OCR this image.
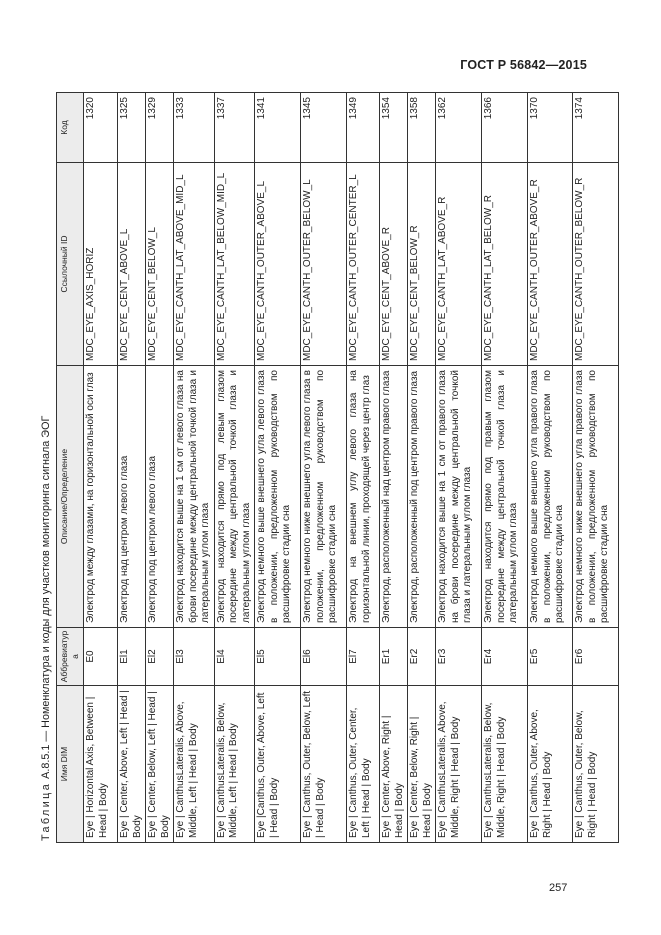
ГОСТ Р 56842—2015
Таблица А.8.5.1 — Номенклатура и коды для участков мониторинга сигнала ЭОГ Имя DIM	Аббревиатура	Описание/Определение	Ссылочный ID	Код
Eye | Horizontal Axis, Between | Head | Body	E0	Электрод между глазами, на горизонтальной оси глаз	MDC_EYE_AXIS_HORIZ	1320
Eye | Center, Above, Left | Head | Body	El1	Электрод над центром левого глаза	MDC_EYE_CENT_ABOVE_L	1325
Eye | Center, Below, Left | Head | Body	El2	Электрод под центром левого глаза	MDC_EYE_CENT_BELOW_L	1329
Eye | CanthusLateralis, Above, Middle, Left | Head | Body	El3	Электрод находится выше на 1 см от левого глаза на брови посередине между центральной точкой глаза и латеральным углом глаза	MDC_EYE_CANTH_LAT_ABOVE_MID_L	1333
Eye | CanthusLateralis, Below, Middle, Left | Head | Body	El4	Электрод находится прямо под левым глазом посередине между центральной точкой глаза и латеральным углом глаза	MDC_EYE_CANTH_LAT_BELOW_MID_L	1337
Eye |Canthus, Outer, Above, Left | Head | Body	El5	Электрод немного выше внешнего угла левого глаза в положении, предложенном руководством по расшифровке стадии сна	MDC_EYE_CANTH_OUTER_ABOVE_L	1341
Eye | Canthus, Outer, Below, Left | Head | Body	El6	Электрод немного ниже внешнего угла левого глаза в положении, предложенном руководством по расшифровке стадии сна	MDC_EYE_CANTH_OUTER_BELOW_L	1345
Eye | Canthus, Outer, Center, Left | Head | Body	El7	Электрод на внешнем углу левого глаза на горизонтальной линии, проходящей через центр глаз	MDC_EYE_CANTH_OUTER_CENTER_L	1349
Eye | Center, Above, Right | Head | Body	Er1	Электрод, расположенный над центром правого глаза	MDC_EYE_CENT_ABOVE_R	1354
Eye | Center, Below, Right | Head | Body	Er2	Электрод, расположенный под центром правого глаза	MDC_EYE_CENT_BELOW_R	1358
Eye | CanthusLateralis, Above, Middle, Right | Head | Body	Er3	Электрод находится выше на 1 см от правого глаза на брови посередине между центральной точкой глаза и латеральным углом глаза	MDC_EYE_CANTH_LAT_ABOVE_R	1362
Eye | CanthusLateralis, Below, Middle, Right | Head | Body	Er4	Электрод находится прямо под правым глазом посередине между центральной точкой глаза и латеральным углом глаза	MDC_EYE_CANTH_LAT_BELOW_R	1366
Eye | Canthus, Outer, Above, Right | Head | Body	Er5	Электрод немного выше внешнего угла правого глаза в положении, предложенном руководством по расшифровке стадии сна	MDC_EYE_CANTH_OUTER_ABOVE_R	1370
Eye | Canthus, Outer, Below, Right | Head | Body	Er6	Электрод немного ниже внешнего угла правого глаза в положении, предложенном руководством по расшифровке стадии сна	MDC_EYE_CANTH_OUTER_BELOW_R	1374
257
